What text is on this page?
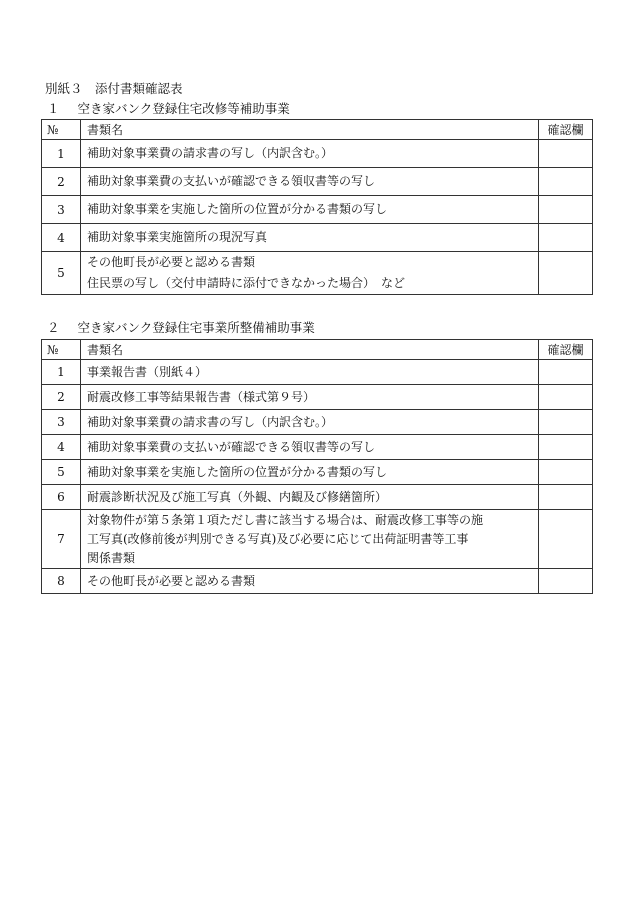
別紙３　添付書類確認表
１ 空き家バンク登録住宅改修等補助事業
№	書類名	確認欄
1	補助対象事業費の請求書の写し（内訳含む。）	

2	補助対象事業費の支払いが確認できる領収書等の写し	

3	補助対象事業を実施した箇所の位置が分かる書類の写し	

4	補助対象事業実施箇所の現況写真	

5	その他町長が必要と認める書類
住民票の写し（交付申請時に添付できなかった場合）　など	

２ 空き家バンク登録住宅事業所整備補助事業
№	書類名	確認欄
1	事業報告書（別紙４）	

2	耐震改修工事等結果報告書（様式第９号）	

3	補助対象事業費の請求書の写し（内訳含む。）	

4	補助対象事業費の支払いが確認できる領収書等の写し	

5	補助対象事業を実施した箇所の位置が分かる書類の写し	

6	耐震診断状況及び施工写真（外観、内観及び修繕箇所）	

7	対象物件が第５条第１項ただし書に該当する場合は、耐震改修工事等の施
工写真(改修前後が判別できる写真)及び必要に応じて出荷証明書等工事
関係書類	

8	その他町長が必要と認める書類	
